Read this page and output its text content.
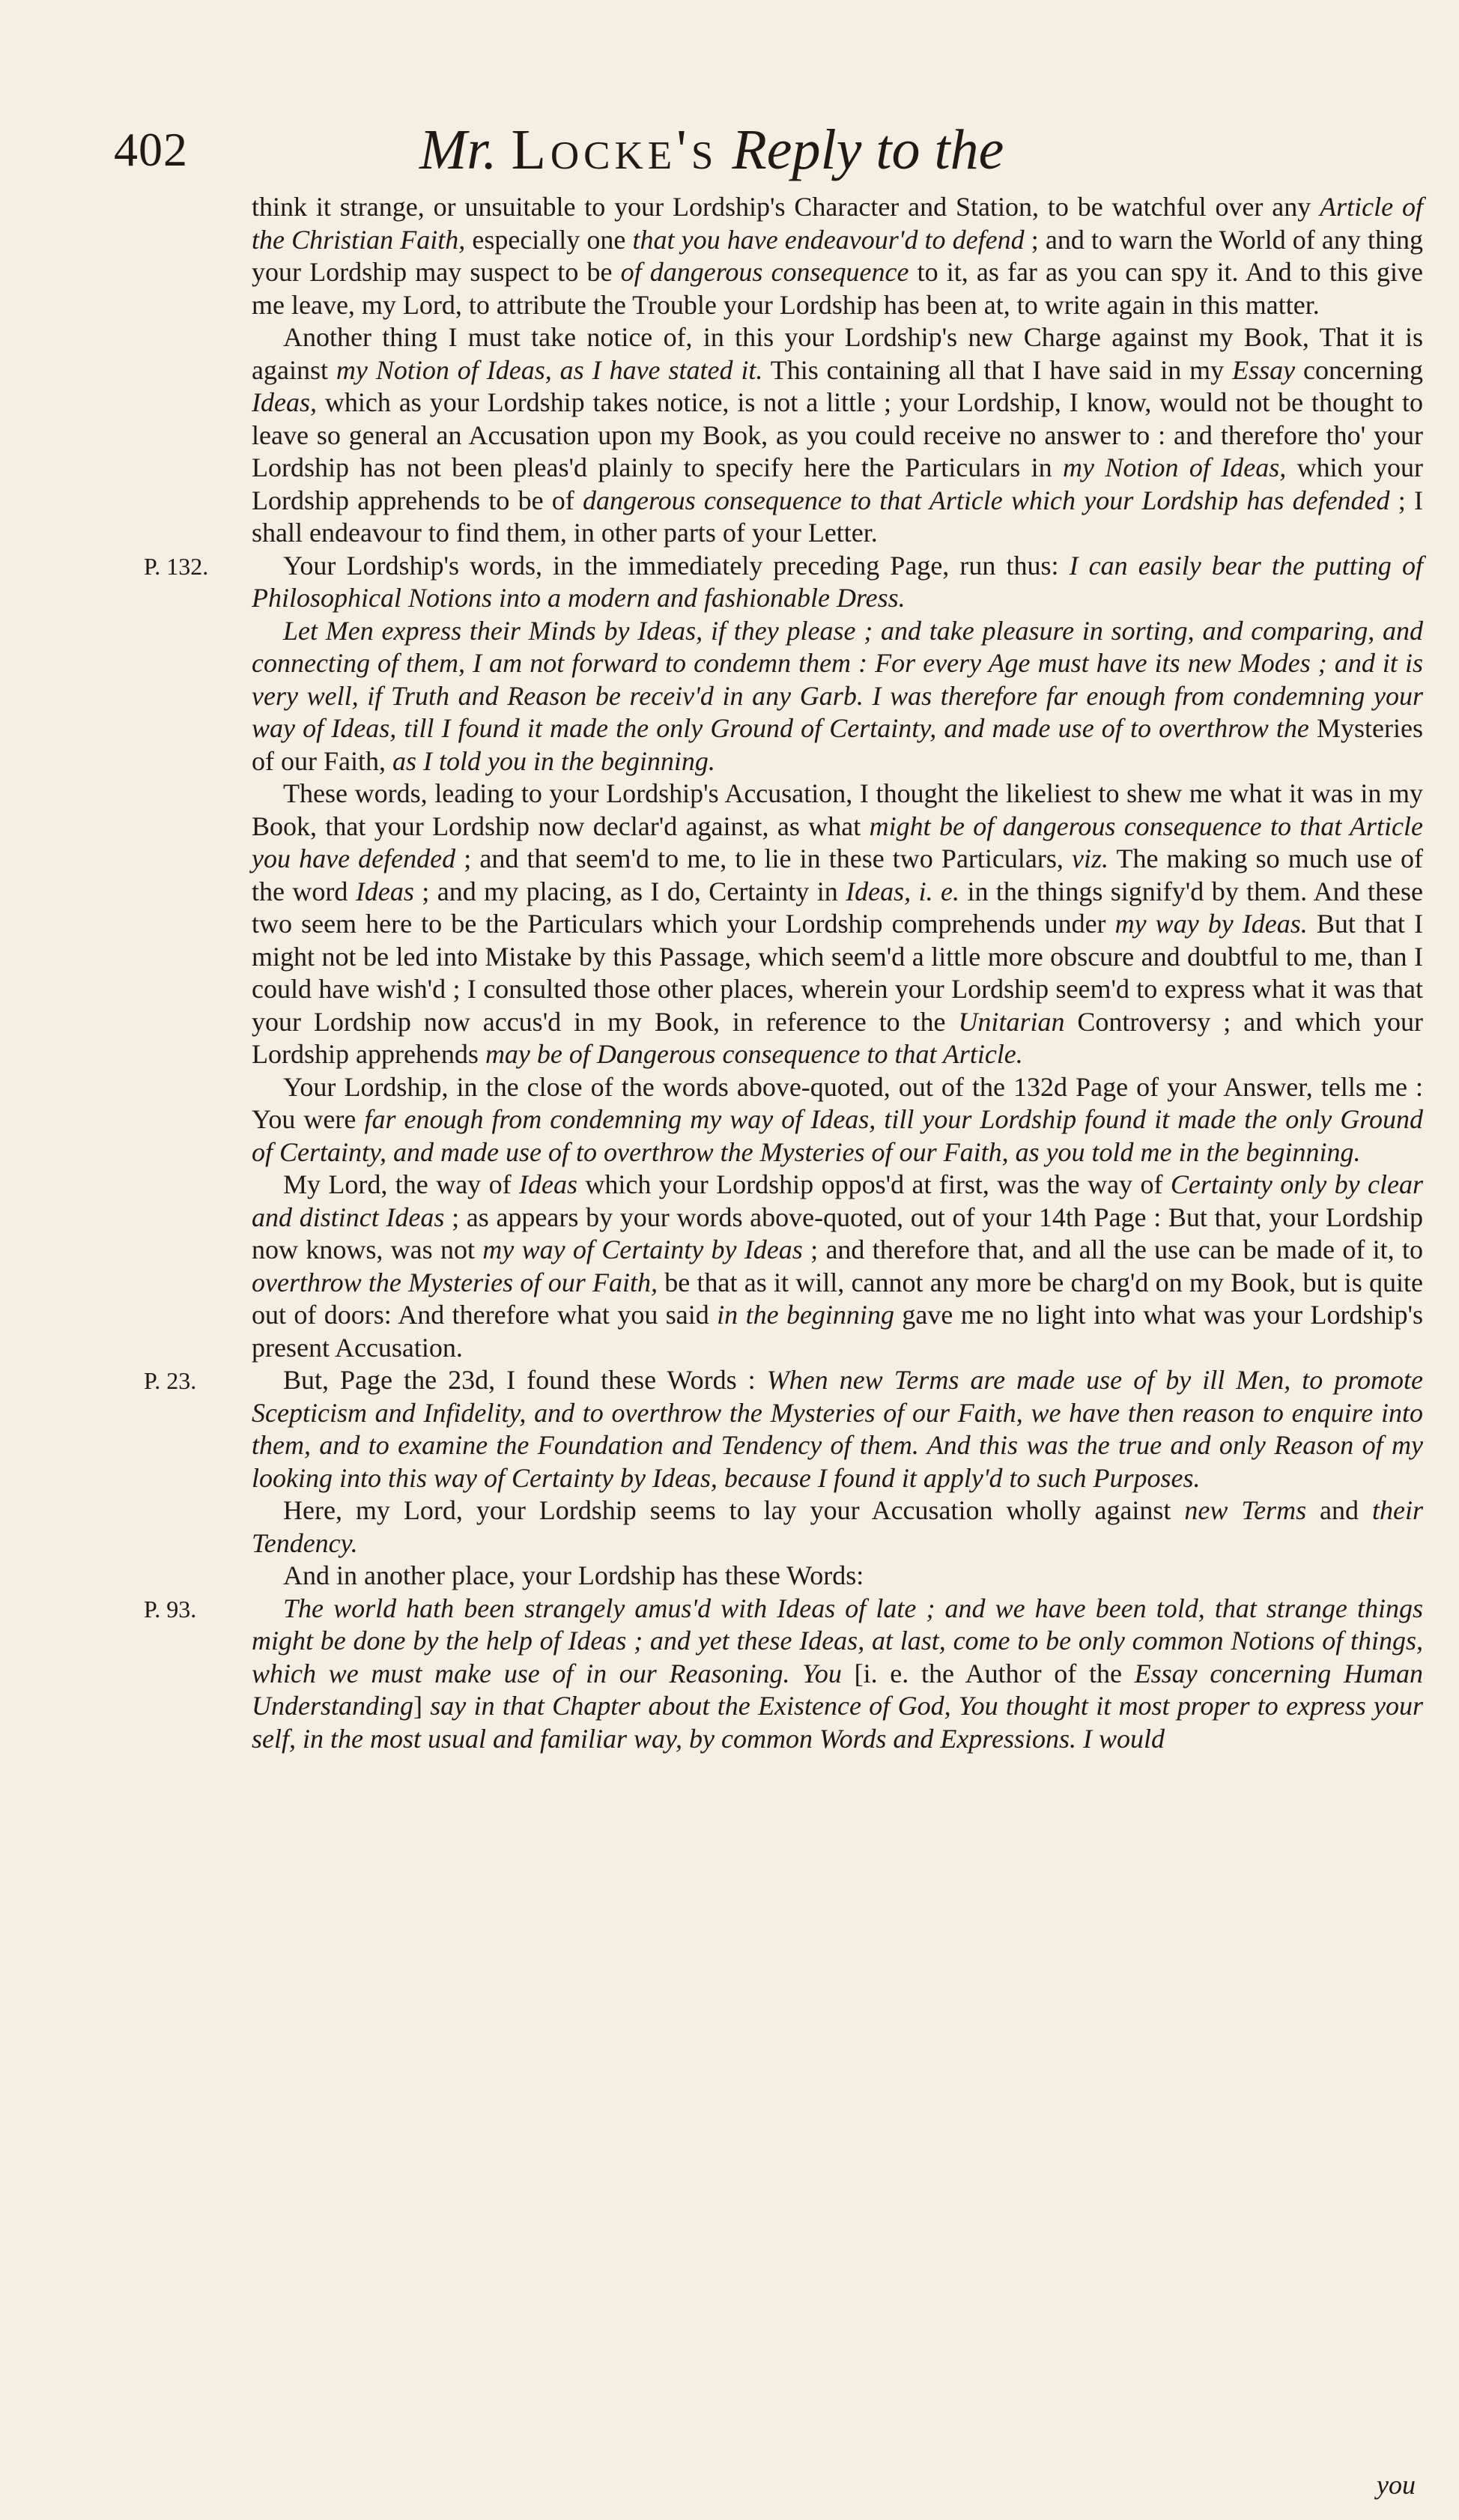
402	Mr. Locke's Reply to the

think it strange, or unsuitable to your Lordship's Character and Station, to be watchful over any Article of the Christian Faith, especially one that you have endeavour'd to defend ; and to warn the World of any thing your Lordship may suspect to be of dangerous consequence to it, as far as you can spy it. And to this give me leave, my Lord, to attribute the Trouble your Lordship has been at, to write again in this matter.

Another thing I must take notice of, in this your Lordship's new Charge against my Book, That it is against my Notion of Ideas, as I have stated it. This containing all that I have said in my Essay concerning Ideas, which as your Lordship takes notice, is not a little ; your Lordship, I know, would not be thought to leave so general an Accusation upon my Book, as you could receive no answer to : and therefore tho' your Lordship has not been pleas'd plainly to specify here the Particulars in my Notion of Ideas, which your Lordship apprehends to be of dangerous consequence to that Article which your Lordship has defended ; I shall endeavour to find them, in other parts of your Letter.

Your Lordship's words, in the immediately preceding Page, run thus: I can easily bear the putting of Philosophical Notions into a modern and fashionable Dress.

Let Men express their Minds by Ideas, if they please ; and take pleasure in sorting, and comparing, and connecting of them, I am not forward to condemn them : For every Age must have its new Modes ; and it is very well, if Truth and Reason be receiv'd in any Garb. I was therefore far enough from condemning your way of Ideas, till I found it made the only Ground of Certainty, and made use of to overthrow the Mysteries of our Faith, as I told you in the beginning.

These words, leading to your Lordship's Accusation, I thought the likeliest to shew me what it was in my Book, that your Lordship now declar'd against, as what might be of dangerous consequence to that Article you have defended ; and that seem'd to me, to lie in these two Particulars, viz. The making so much use of the word Ideas ; and my placing, as I do, Certainty in Ideas, i. e. in the things signify'd by them. And these two seem here to be the Particulars which your Lordship comprehends under my way by Ideas. But that I might not be led into Mistake by this Passage, which seem'd a little more obscure and doubtful to me, than I could have wish'd ; I consulted those other places, wherein your Lordship seem'd to express what it was that your Lordship now accus'd in my Book, in reference to the Unitarian Controversy ; and which your Lordship apprehends may be of Dangerous consequence to that Article.

Your Lordship, in the close of the words above-quoted, out of the 132d Page of your Answer, tells me : You were far enough from condemning my way of Ideas, till your Lordship found it made the only Ground of Certainty, and made use of to overthrow the Mysteries of our Faith, as you told me in the beginning.

My Lord, the way of Ideas which your Lordship oppos'd at first, was the way of Certainty only by clear and distinct Ideas ; as appears by your words above-quoted, out of your 14th Page : But that, your Lordship now knows, was not my way of Certainty by Ideas ; and therefore that, and all the use can be made of it, to overthrow the Mysteries of our Faith, be that as it will, cannot any more be charg'd on my Book, but is quite out of doors: And therefore what you said in the beginning gave me no light into what was your Lordship's present Accusation.

But, Page the 23d, I found these Words : When new Terms are made use of by ill Men, to promote Scepticism and Infidelity, and to overthrow the Mysteries of our Faith, we have then reason to enquire into them, and to examine the Foundation and Tendency of them. And this was the true and only Reason of my looking into this way of Certainty by Ideas, because I found it apply'd to such Purposes.

Here, my Lord, your Lordship seems to lay your Accusation wholly against new Terms and their Tendency.

And in another place, your Lordship has these Words:

The world hath been strangely amus'd with Ideas of late ; and we have been told, that strange things might be done by the help of Ideas ; and yet these Ideas, at last, come to be only common Notions of things, which we must make use of in our Reasoning. You [i. e. the Author of the Essay concerning Human Understanding] say in that Chapter about the Existence of God, You thought it most proper to express your self, in the most usual and familiar way, by common Words and Expressions. I would

P. 132.
P. 23.
P. 93.
you
